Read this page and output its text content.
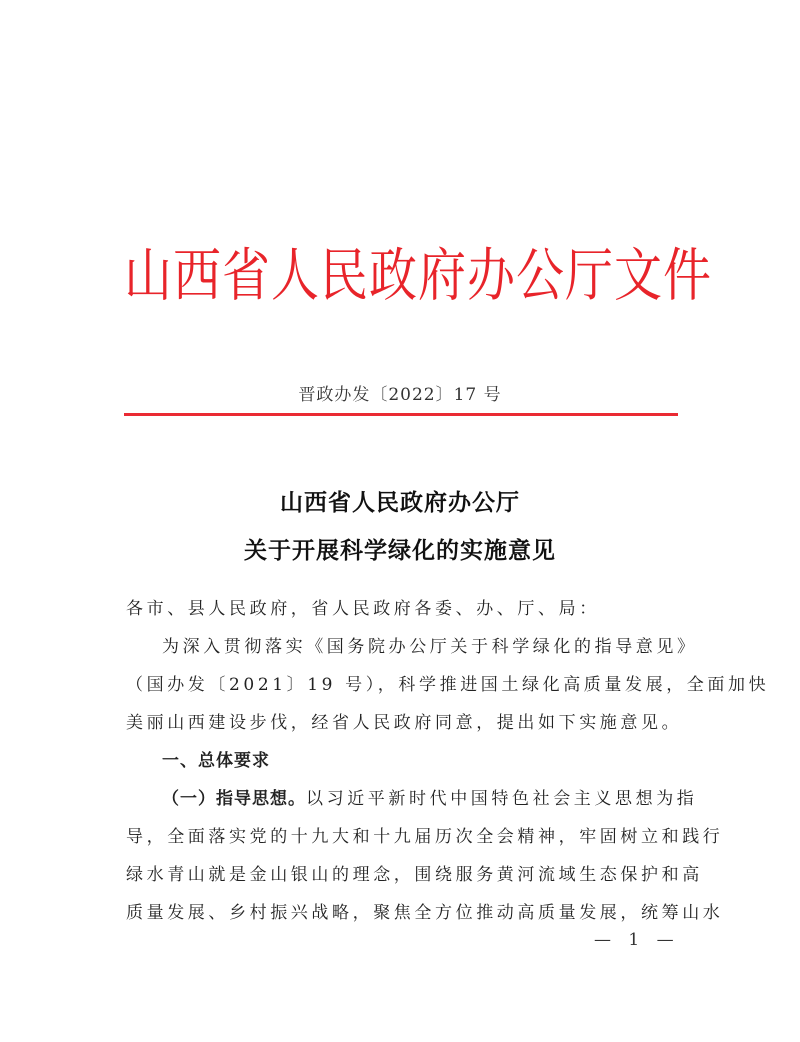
山西省人民政府办公厅文件
晋政办发〔2022〕17 号
山西省人民政府办公厅
关于开展科学绿化的实施意见
各市、县人民政府，省人民政府各委、办、厅、局：
为深入贯彻落实《国务院办公厅关于科学绿化的指导意见》
（国办发〔2021〕19 号），科学推进国土绿化高质量发展，全面加快
美丽山西建设步伐，经省人民政府同意，提出如下实施意见。
一、总体要求
（一）指导思想。以习近平新时代中国特色社会主义思想为指
导，全面落实党的十九大和十九届历次全会精神，牢固树立和践行
绿水青山就是金山银山的理念，围绕服务黄河流域生态保护和高
质量发展、乡村振兴战略，聚焦全方位推动高质量发展，统筹山水
— 1 —
